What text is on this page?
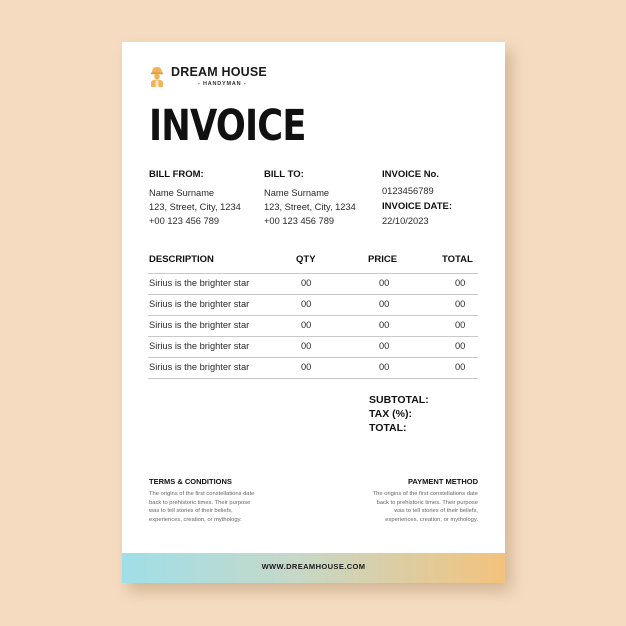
DREAM HOUSE
- HANDYMAN -
INVOICE
BILL FROM:
Name Surname
123, Street, City, 1234
+00 123 456 789
BILL TO:
Name Surname
123, Street, City, 1234
+00 123 456 789
INVOICE No.
0123456789
INVOICE DATE:
22/10/2023
DESCRIPTION	QTY	PRICE	TOTAL
Sirius is the brighter star	00	00	00
Sirius is the brighter star	00	00	00
Sirius is the brighter star	00	00	00
Sirius is the brighter star	00	00	00
Sirius is the brighter star	00	00	00
SUBTOTAL:
TAX (%):
TOTAL:
TERMS & CONDITIONS
The origins of the first constellations date back to prehistoric times. Their purpose was to tell stories of their beliefs, experiences, creation, or mythology.
PAYMENT METHOD
The origins of the first constellations date back to prehistoric times. Their purpose was to tell stories of their beliefs, experiences, creation, or mythology.
WWW.DREAMHOUSE.COM
